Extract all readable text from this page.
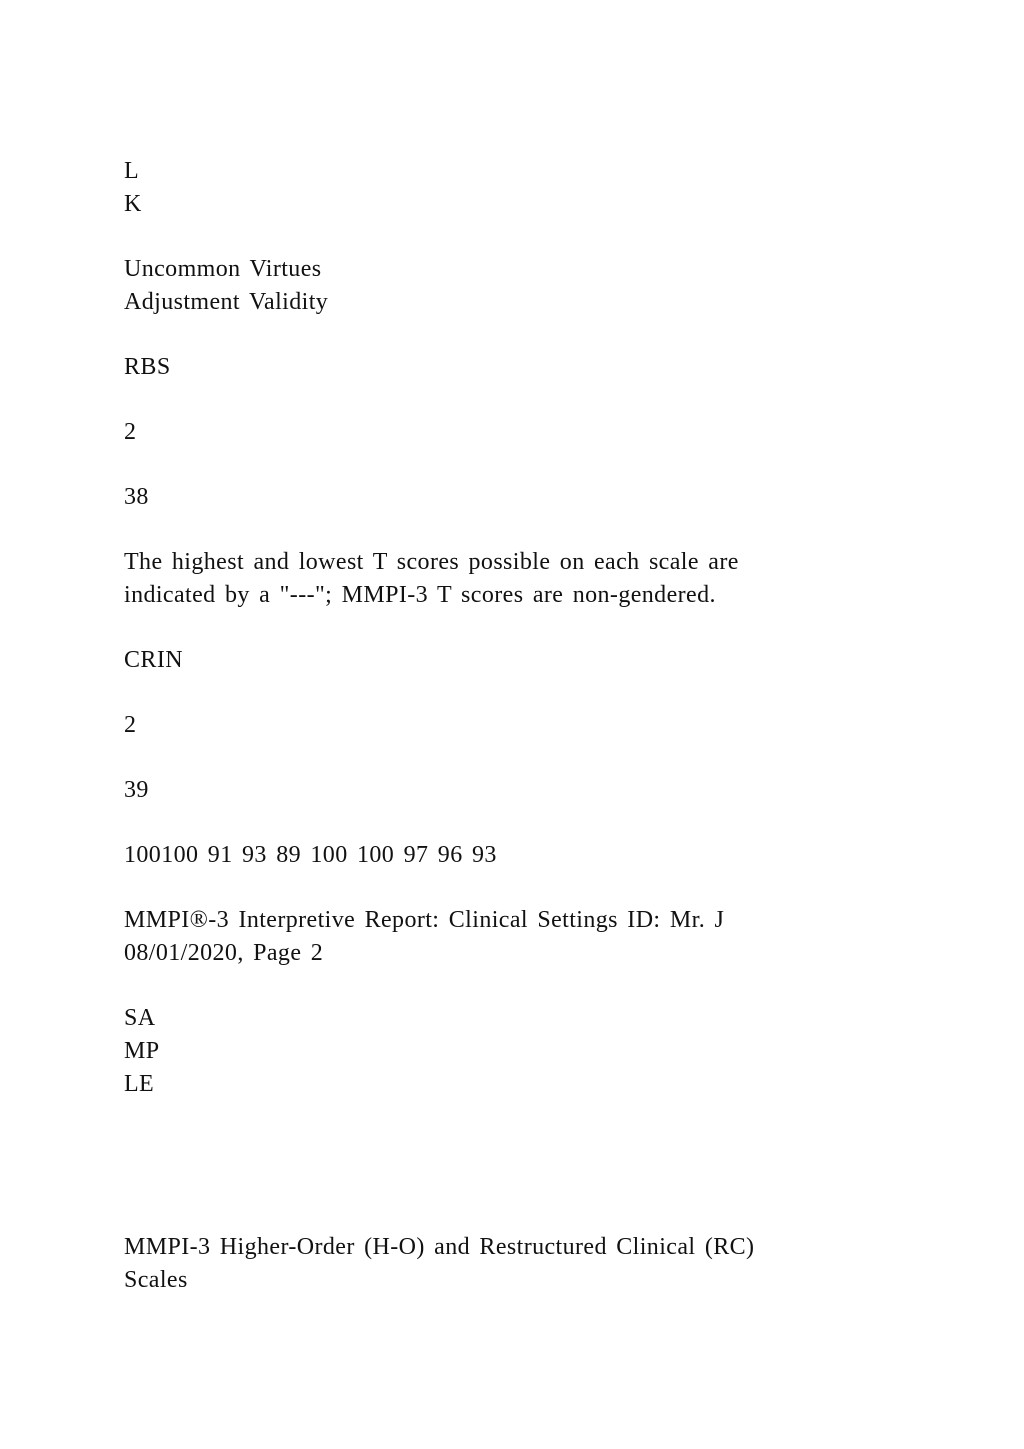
L
K
Uncommon Virtues
Adjustment Validity
RBS
2
38
The highest and lowest T scores possible on each scale are
indicated by a "---"; MMPI-3 T scores are non-gendered.
CRIN
2
39
100100 91 93 89 100 100 97 96 93
MMPI®-3 Interpretive Report: Clinical Settings ID: Mr. J
08/01/2020, Page 2
SA
MP
LE
MMPI-3 Higher-Order (H-O) and Restructured Clinical (RC)
Scales
